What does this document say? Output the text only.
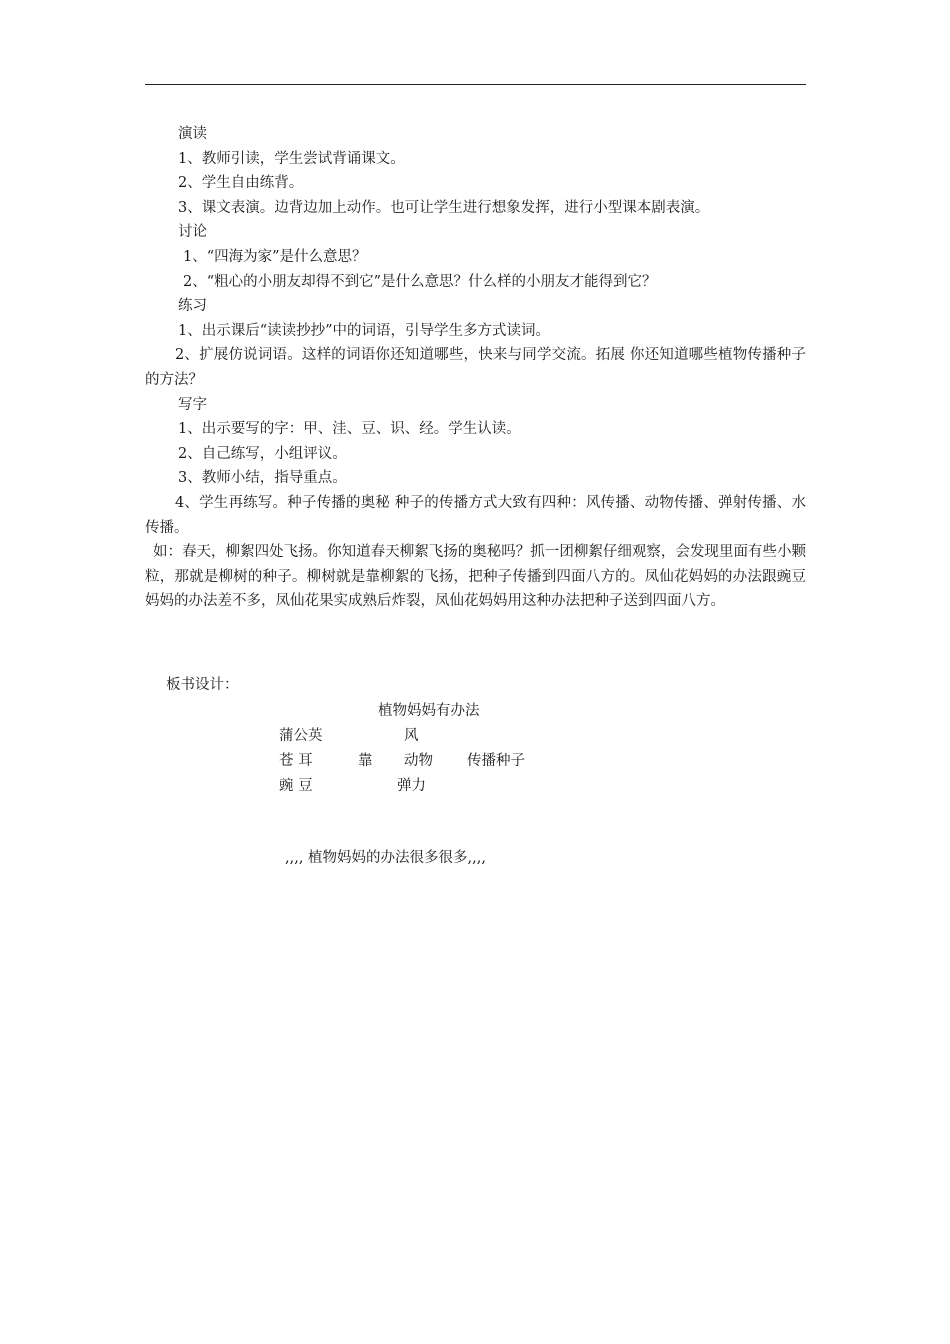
演读
1、教师引读，学生尝试背诵课文。
2、学生自由练背。
3、课文表演。边背边加上动作。也可让学生进行想象发挥，进行小型课本剧表演。
讨论
1、“四海为家”是什么意思？
2、“粗心的小朋友却得不到它”是什么意思？什么样的小朋友才能得到它？
练习
1、出示课后“读读抄抄”中的词语，引导学生多方式读词。
2、扩展仿说词语。这样的词语你还知道哪些，快来与同学交流。拓展 你还知道哪些植物传播种子的方法？
写字
1、出示要写的字：甲、洼、豆、识、经。学生认读。
2、自己练写，小组评议。
3、教师小结，指导重点。
4、学生再练写。种子传播的奥秘 种子的传播方式大致有四种：风传播、动物传播、弹射传播、水传播。
如：春天，柳絮四处飞扬。你知道春天柳絮飞扬的奥秘吗？抓一团柳絮仔细观察，会发现里面有些小颗粒，那就是柳树的种子。柳树就是靠柳絮的飞扬，把种子传播到四面八方的。凤仙花妈妈的办法跟豌豆妈妈的办法差不多，凤仙花果实成熟后炸裂，凤仙花妈妈用这种办法把种子送到四面八方。
板书设计：
植物妈妈有办法
蒲公英	风
苍 耳	靠 动物 传播种子
豌 豆	弹力
,,,, 植物妈妈的办法很多很多,,,,
